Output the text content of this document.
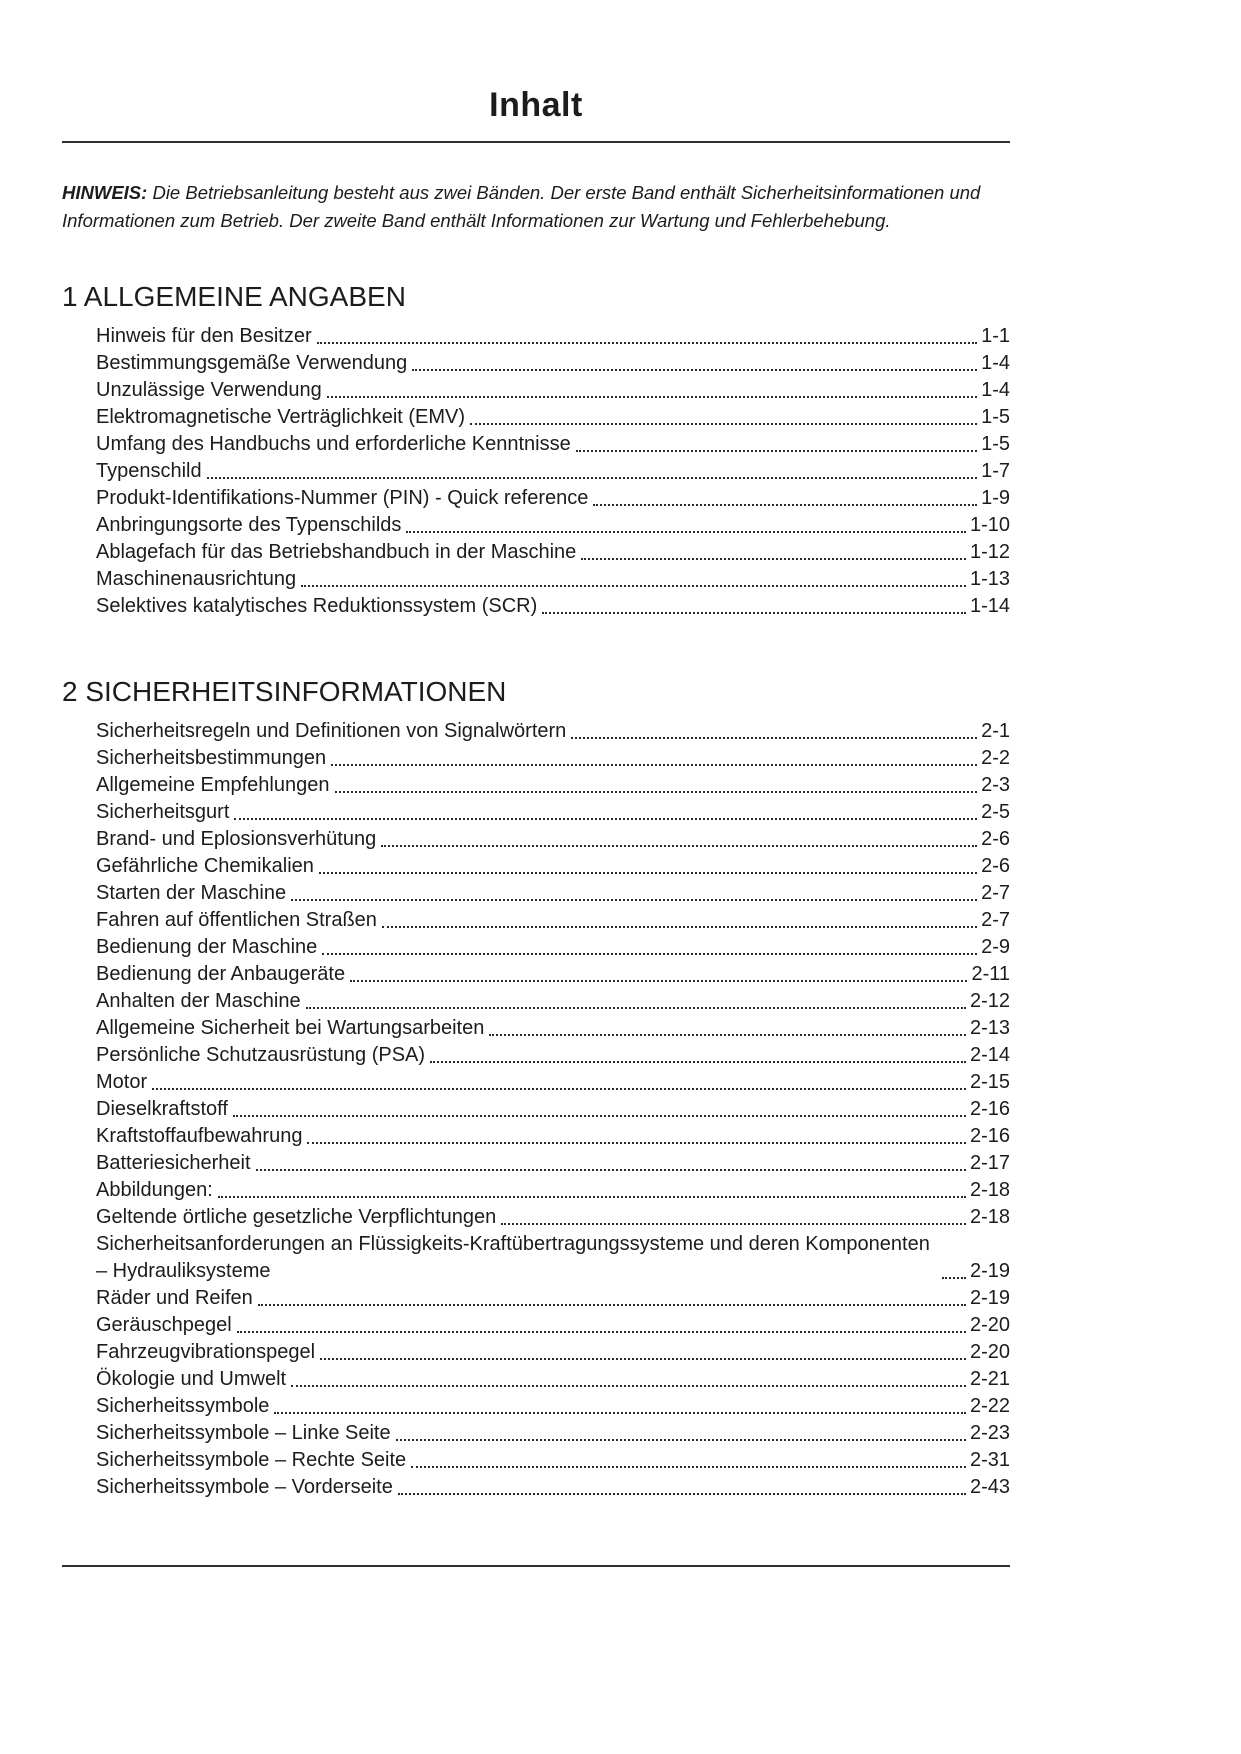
Inhalt

HINWEIS: Die Betriebsanleitung besteht aus zwei Bänden. Der erste Band enthält Sicherheitsinformationen und Informationen zum Betrieb. Der zweite Band enthält Informationen zur Wartung und Fehlerbehebung.

1 ALLGEMEINE ANGABEN
Hinweis für den Besitzer	1-1
Bestimmungsgemäße Verwendung	1-4
Unzulässige Verwendung	1-4
Elektromagnetische Verträglichkeit (EMV)	1-5
Umfang des Handbuchs und erforderliche Kenntnisse	1-5
Typenschild	1-7
Produkt-Identifikations-Nummer (PIN) - Quick reference	1-9
Anbringungsorte des Typenschilds	1-10
Ablagefach für das Betriebshandbuch in der Maschine	1-12
Maschinenausrichtung	1-13
Selektives katalytisches Reduktionssystem (SCR)	1-14
2 SICHERHEITSINFORMATIONEN
Sicherheitsregeln und Definitionen von Signalwörtern	2-1
Sicherheitsbestimmungen	2-2
Allgemeine Empfehlungen	2-3
Sicherheitsgurt	2-5
Brand- und Eplosionsverhütung	2-6
Gefährliche Chemikalien	2-6
Starten der Maschine	2-7
Fahren auf öffentlichen Straßen	2-7
Bedienung der Maschine	2-9
Bedienung der Anbaugeräte	2-11
Anhalten der Maschine	2-12
Allgemeine Sicherheit bei Wartungsarbeiten	2-13
Persönliche Schutzausrüstung (PSA)	2-14
Motor	2-15
Dieselkraftstoff	2-16
Kraftstoffaufbewahrung	2-16
Batteriesicherheit	2-17
Abbildungen:	2-18
Geltende örtliche gesetzliche Verpflichtungen	2-18
Sicherheitsanforderungen an Flüssigkeits-Kraftübertragungssysteme und deren Komponenten – Hydrauliksysteme	2-19
Räder und Reifen	2-19
Geräuschpegel	2-20
Fahrzeugvibrationspegel	2-20
Ökologie und Umwelt	2-21
Sicherheitssymbole	2-22
Sicherheitssymbole – Linke Seite	2-23
Sicherheitssymbole – Rechte Seite	2-31
Sicherheitssymbole – Vorderseite	2-43
